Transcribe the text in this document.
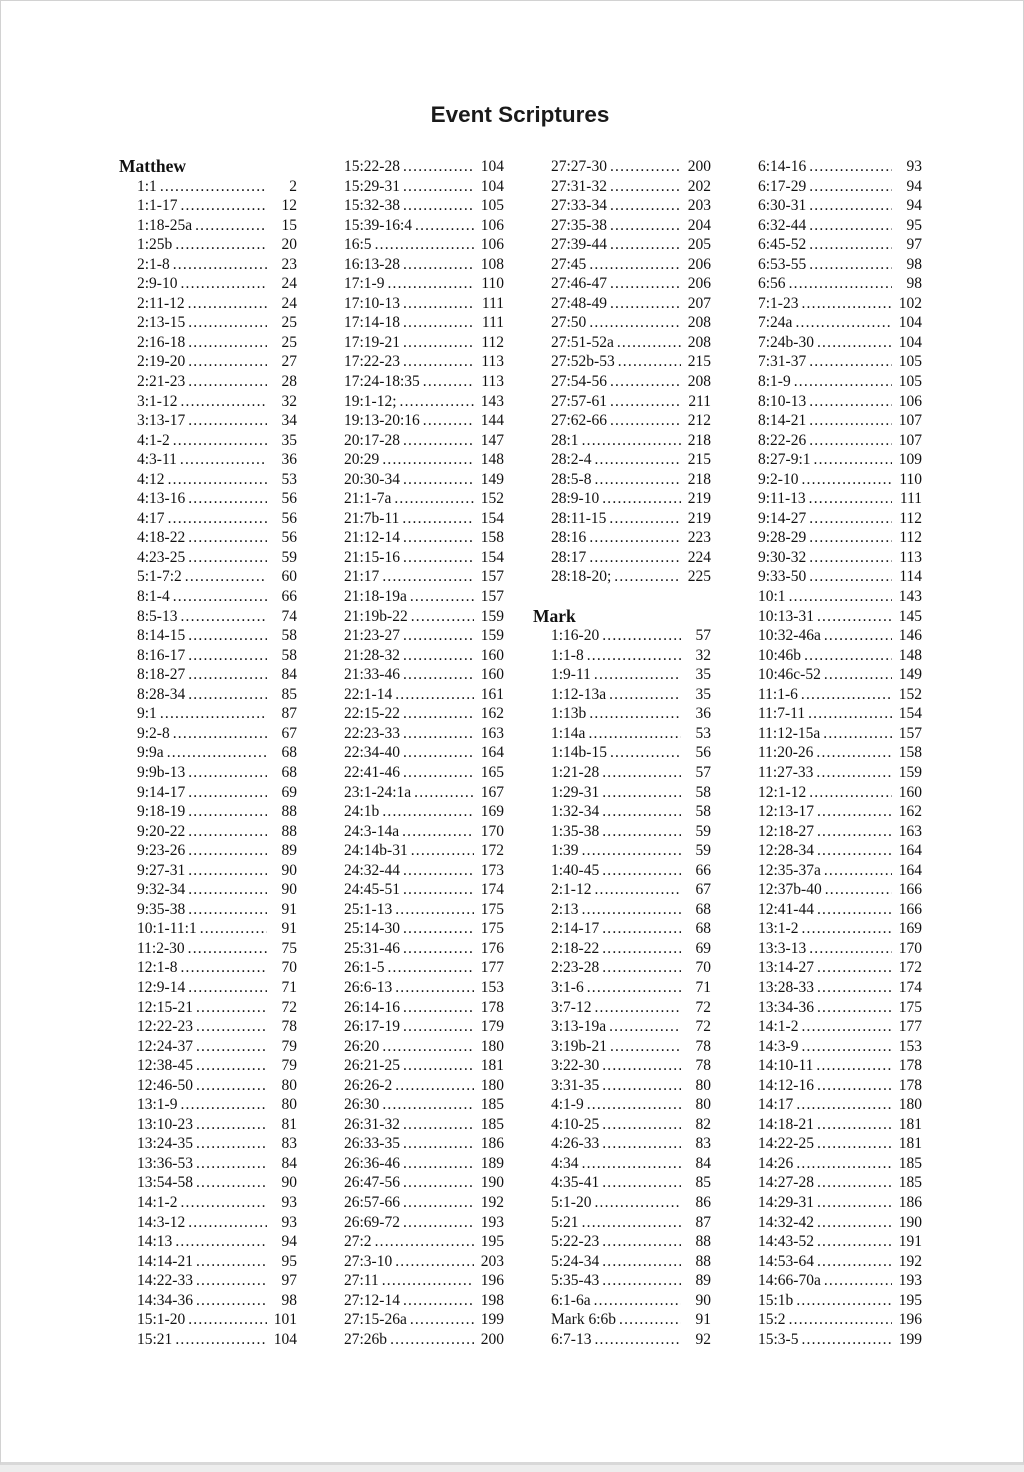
Event Scriptures
Matthew
1:1 .....	2
1:1-17 .....	12
1:18-25a .....	15
1:25b .....	20
2:1-8 .....	23
2:9-10 .....	24
2:11-12 .....	24
2:13-15 .....	25
2:16-18 .....	25
2:19-20 .....	27
2:21-23 .....	28
3:1-12 .....	32
3:13-17 .....	34
4:1-2 .....	35
4:3-11 .....	36
4:12 .....	53
4:13-16 .....	56
4:17 .....	56
4:18-22 .....	56
4:23-25 .....	59
5:1-7:2 .....	60
8:1-4 .....	66
8:5-13 .....	74
8:14-15 .....	58
8:16-17 .....	58
8:18-27 .....	84
8:28-34 .....	85
9:1 .....	87
9:2-8 .....	67
9:9a .....	68
9:9b-13 .....	68
9:14-17 .....	69
9:18-19 .....	88
9:20-22 .....	88
9:23-26 .....	89
9:27-31 .....	90
9:32-34 .....	90
9:35-38 .....	91
10:1-11:1 .....	91
11:2-30 .....	75
12:1-8 .....	70
12:9-14 .....	71
12:15-21 .....	72
12:22-23 .....	78
12:24-37 .....	79
12:38-45 .....	79
12:46-50 .....	80
13:1-9 .....	80
13:10-23 .....	81
13:24-35 .....	83
13:36-53 .....	84
13:54-58 .....	90
14:1-2 .....	93
14:3-12 .....	93
14:13 .....	94
14:14-21 .....	95
14:22-33 .....	97
14:34-36 .....	98
15:1-20 .....	101
15:21 .....	104
15:22-28 .....	104
15:29-31 .....	104
15:32-38 .....	105
15:39-16:4 .....	106
16:5 .....	106
16:13-28 .....	108
17:1-9 .....	110
17:10-13 .....	111
17:14-18 .....	111
17:19-21 .....	112
17:22-23 .....	113
17:24-18:35 .....	113
19:1-12; .....	143
19:13-20:16 .....	144
20:17-28 .....	147
20:29 .....	148
20:30-34 .....	149
21:1-7a .....	152
21:7b-11 .....	154
21:12-14 .....	158
21:15-16 .....	154
21:17 .....	157
21:18-19a .....	157
21:19b-22 .....	159
21:23-27 .....	159
21:28-32 .....	160
21:33-46 .....	160
22:1-14 .....	161
22:15-22 .....	162
22:23-33 .....	163
22:34-40 .....	164
22:41-46 .....	165
23:1-24:1a .....	167
24:1b .....	169
24:3-14a .....	170
24:14b-31 .....	172
24:32-44 .....	173
24:45-51 .....	174
25:1-13 .....	175
25:14-30 .....	175
25:31-46 .....	176
26:1-5 .....	177
26:6-13 .....	153
26:14-16 .....	178
26:17-19 .....	179
26:20 .....	180
26:21-25 .....	181
26:26-2 .....	180
26:30 .....	185
26:31-32 .....	185
26:33-35 .....	186
26:36-46 .....	189
26:47-56 .....	190
26:57-66 .....	192
26:69-72 .....	193
27:2 .....	195
27:3-10 .....	203
27:11 .....	196
27:12-14 .....	198
27:15-26a .....	199
27:26b .....	200
27:27-30 .....	200
27:31-32 .....	202
27:33-34 .....	203
27:35-38 .....	204
27:39-44 .....	205
27:45 .....	206
27:46-47 .....	206
27:48-49 .....	207
27:50 .....	208
27:51-52a .....	208
27:52b-53 .....	215
27:54-56 .....	208
27:57-61 .....	211
27:62-66 .....	212
28:1 .....	218
28:2-4 .....	215
28:5-8 .....	218
28:9-10 .....	219
28:11-15 .....	219
28:16 .....	223
28:17 .....	224
28:18-20; .....	225
Mark
1:16-20 .....	57
1:1-8 .....	32
1:9-11 .....	35
1:12-13a .....	35
1:13b .....	36
1:14a .....	53
1:14b-15 .....	56
1:21-28 .....	57
1:29-31 .....	58
1:32-34 .....	58
1:35-38 .....	59
1:39 .....	59
1:40-45 .....	66
2:1-12 .....	67
2:13 .....	68
2:14-17 .....	68
2:18-22 .....	69
2:23-28 .....	70
3:1-6 .....	71
3:7-12 .....	72
3:13-19a .....	72
3:19b-21 .....	78
3:22-30 .....	78
3:31-35 .....	80
4:1-9 .....	80
4:10-25 .....	82
4:26-33 .....	83
4:34 .....	84
4:35-41 .....	85
5:1-20 .....	86
5:21 .....	87
5:22-23 .....	88
5:24-34 .....	88
5:35-43 .....	89
6:1-6a .....	90
Mark 6:6b .....	91
6:7-13 .....	92
6:14-16 .....	93
6:17-29 .....	94
6:30-31 .....	94
6:32-44 .....	95
6:45-52 .....	97
6:53-55 .....	98
6:56 .....	98
7:1-23 .....	102
7:24a .....	104
7:24b-30 .....	104
7:31-37 .....	105
8:1-9 .....	105
8:10-13 .....	106
8:14-21 .....	107
8:22-26 .....	107
8:27-9:1 .....	109
9:2-10 .....	110
9:11-13 .....	111
9:14-27 .....	112
9:28-29 .....	112
9:30-32 .....	113
9:33-50 .....	114
10:1 .....	143
10:13-31 .....	145
10:32-46a .....	146
10:46b .....	148
10:46c-52 .....	149
11:1-6 .....	152
11:7-11 .....	154
11:12-15a .....	157
11:20-26 .....	158
11:27-33 .....	159
12:1-12 .....	160
12:13-17 .....	162
12:18-27 .....	163
12:28-34 .....	164
12:35-37a .....	164
12:37b-40 .....	166
12:41-44 .....	166
13:1-2 .....	169
13:3-13 .....	170
13:14-27 .....	172
13:28-33 .....	174
13:34-36 .....	175
14:1-2 .....	177
14:3-9 .....	153
14:10-11 .....	178
14:12-16 .....	178
14:17 .....	180
14:18-21 .....	181
14:22-25 .....	181
14:26 .....	185
14:27-28 .....	185
14:29-31 .....	186
14:32-42 .....	190
14:43-52 .....	191
14:53-64 .....	192
14:66-70a .....	193
15:1b .....	195
15:2 .....	196
15:3-5 .....	199
